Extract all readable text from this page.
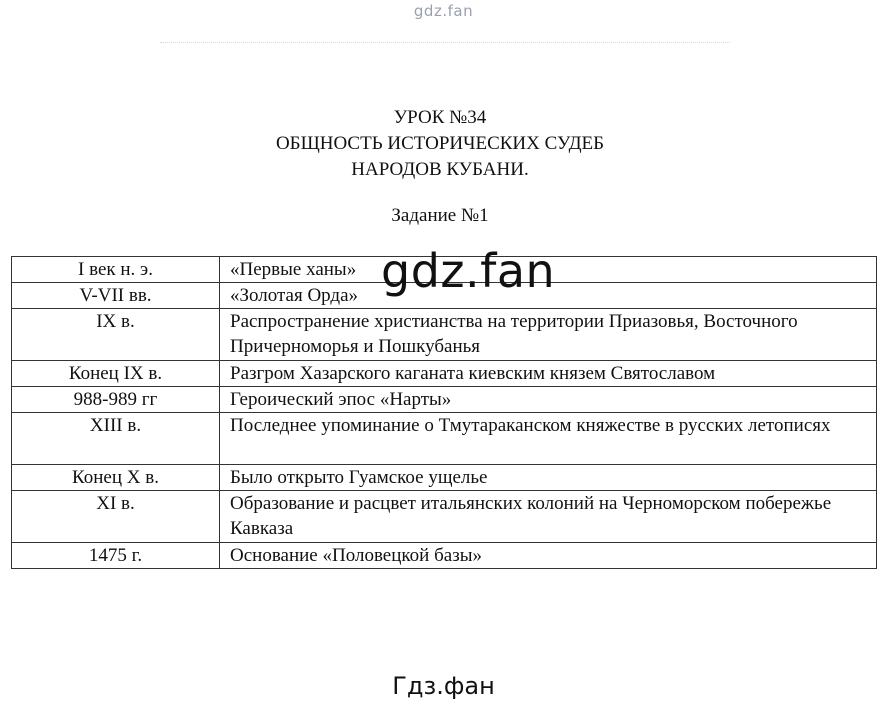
gdz.fan
УРОК №34
ОБЩНОСТЬ ИСТОРИЧЕСКИХ СУДЕБ
НАРОДОВ КУБАНИ.
Задание №1
I век н. э.	«Первые ханы»
V-VII вв.	«Золотая Орда»
IX в.	Распространение христианства на территории Приазовья, Восточного Причерноморья и Пошкубанья
Конец IX в.	Разгром Хазарского каганата киевским князем Святославом
988-989 гг	Героический эпос «Нарты»
XIII в.	Последнее упоминание о Тмутараканском княжестве в русских летописях
Конец X в.	Было открыто Гуамское ущелье
XI в.	Образование и расцвет итальянских колоний на Черноморском побережье Кавказа
1475 г.	Основание «Половецкой базы»
gdz.fan
Гдз.фан
